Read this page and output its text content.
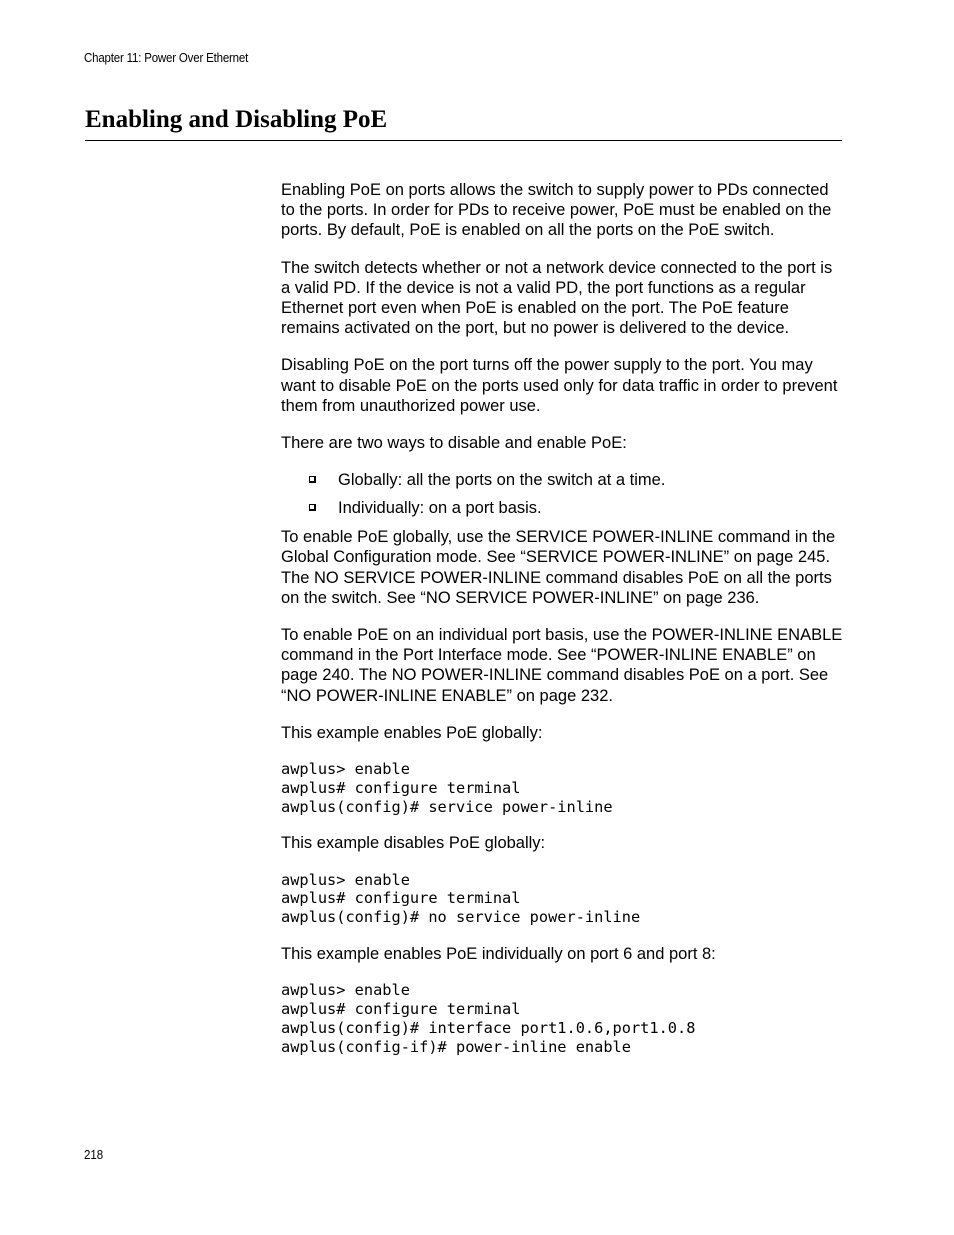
Chapter 11: Power Over Ethernet
Enabling and Disabling PoE

Enabling PoE on ports allows the switch to supply power to PDs connected to the ports. In order for PDs to receive power, PoE must be enabled on the ports. By default, PoE is enabled on all the ports on the PoE switch.

The switch detects whether or not a network device connected to the port is a valid PD. If the device is not a valid PD, the port functions as a regular Ethernet port even when PoE is enabled on the port. The PoE feature remains activated on the port, but no power is delivered to the device.

Disabling PoE on the port turns off the power supply to the port. You may want to disable PoE on the ports used only for data traffic in order to prevent them from unauthorized power use.

There are two ways to disable and enable PoE:

Globally: all the ports on the switch at a time.
Individually: on a port basis.

To enable PoE globally, use the SERVICE POWER-INLINE command in the Global Configuration mode. See “SERVICE POWER-INLINE” on page 245. The NO SERVICE POWER-INLINE command disables PoE on all the ports on the switch. See “NO SERVICE POWER-INLINE” on page 236.

To enable PoE on an individual port basis, use the POWER-INLINE ENABLE command in the Port Interface mode. See “POWER-INLINE ENABLE” on page 240. The NO POWER-INLINE command disables PoE on a port. See “NO POWER-INLINE ENABLE” on page 232.

This example enables PoE globally:

awplus> enable
awplus# configure terminal
awplus(config)# service power-inline

This example disables PoE globally:

awplus> enable
awplus# configure terminal
awplus(config)# no service power-inline

This example enables PoE individually on port 6 and port 8:

awplus> enable
awplus# configure terminal
awplus(config)# interface port1.0.6,port1.0.8
awplus(config-if)# power-inline enable
218
